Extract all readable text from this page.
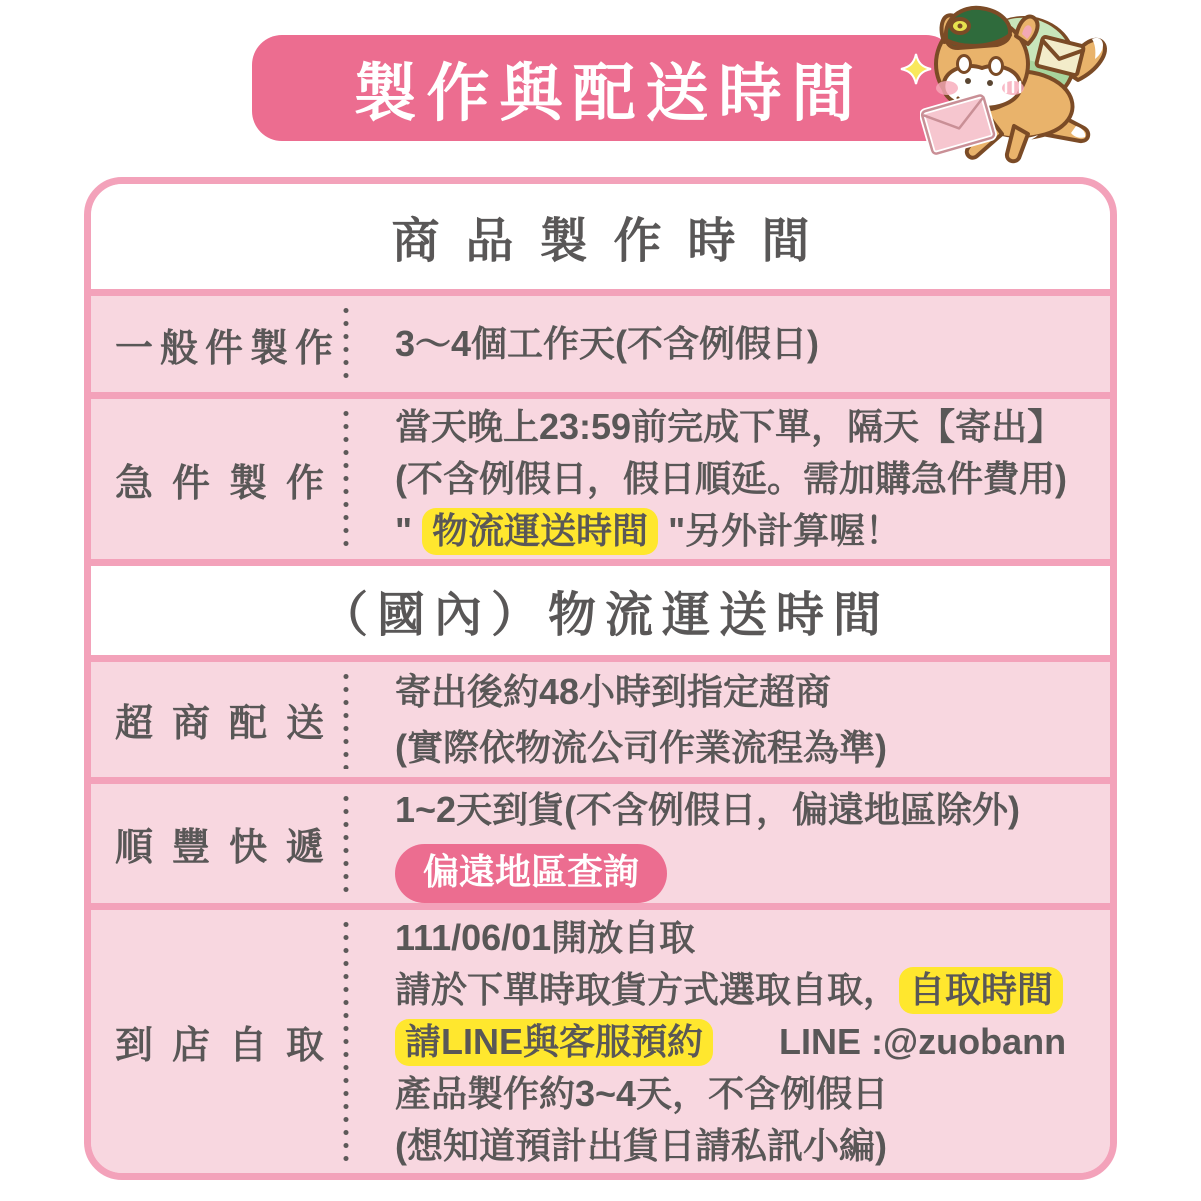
製作與配送時間
商品製作時間
一般件製作 3～4個工作天(不含例假日)

急件製作

當天晚上23:59前完成下單，隔天【寄出】

(不含例假日，假日順延。需加購急件費用)

" 物流運送時間 "另外計算喔！

（國內）物流運送時間
超商配送

寄出後約48小時到指定超商

(實際依物流公司作業流程為準)

順豐快遞

1~2天到貨(不含例假日，偏遠地區除外)

偏遠地區查詢
到店自取

111/06/01開放自取

請於下單時取貨方式選取自取， 自取時間

請LINE與客服預約 LINE :@zuobann

產品製作約3~4天，不含例假日

(想知道預計出貨日請私訊小編)
